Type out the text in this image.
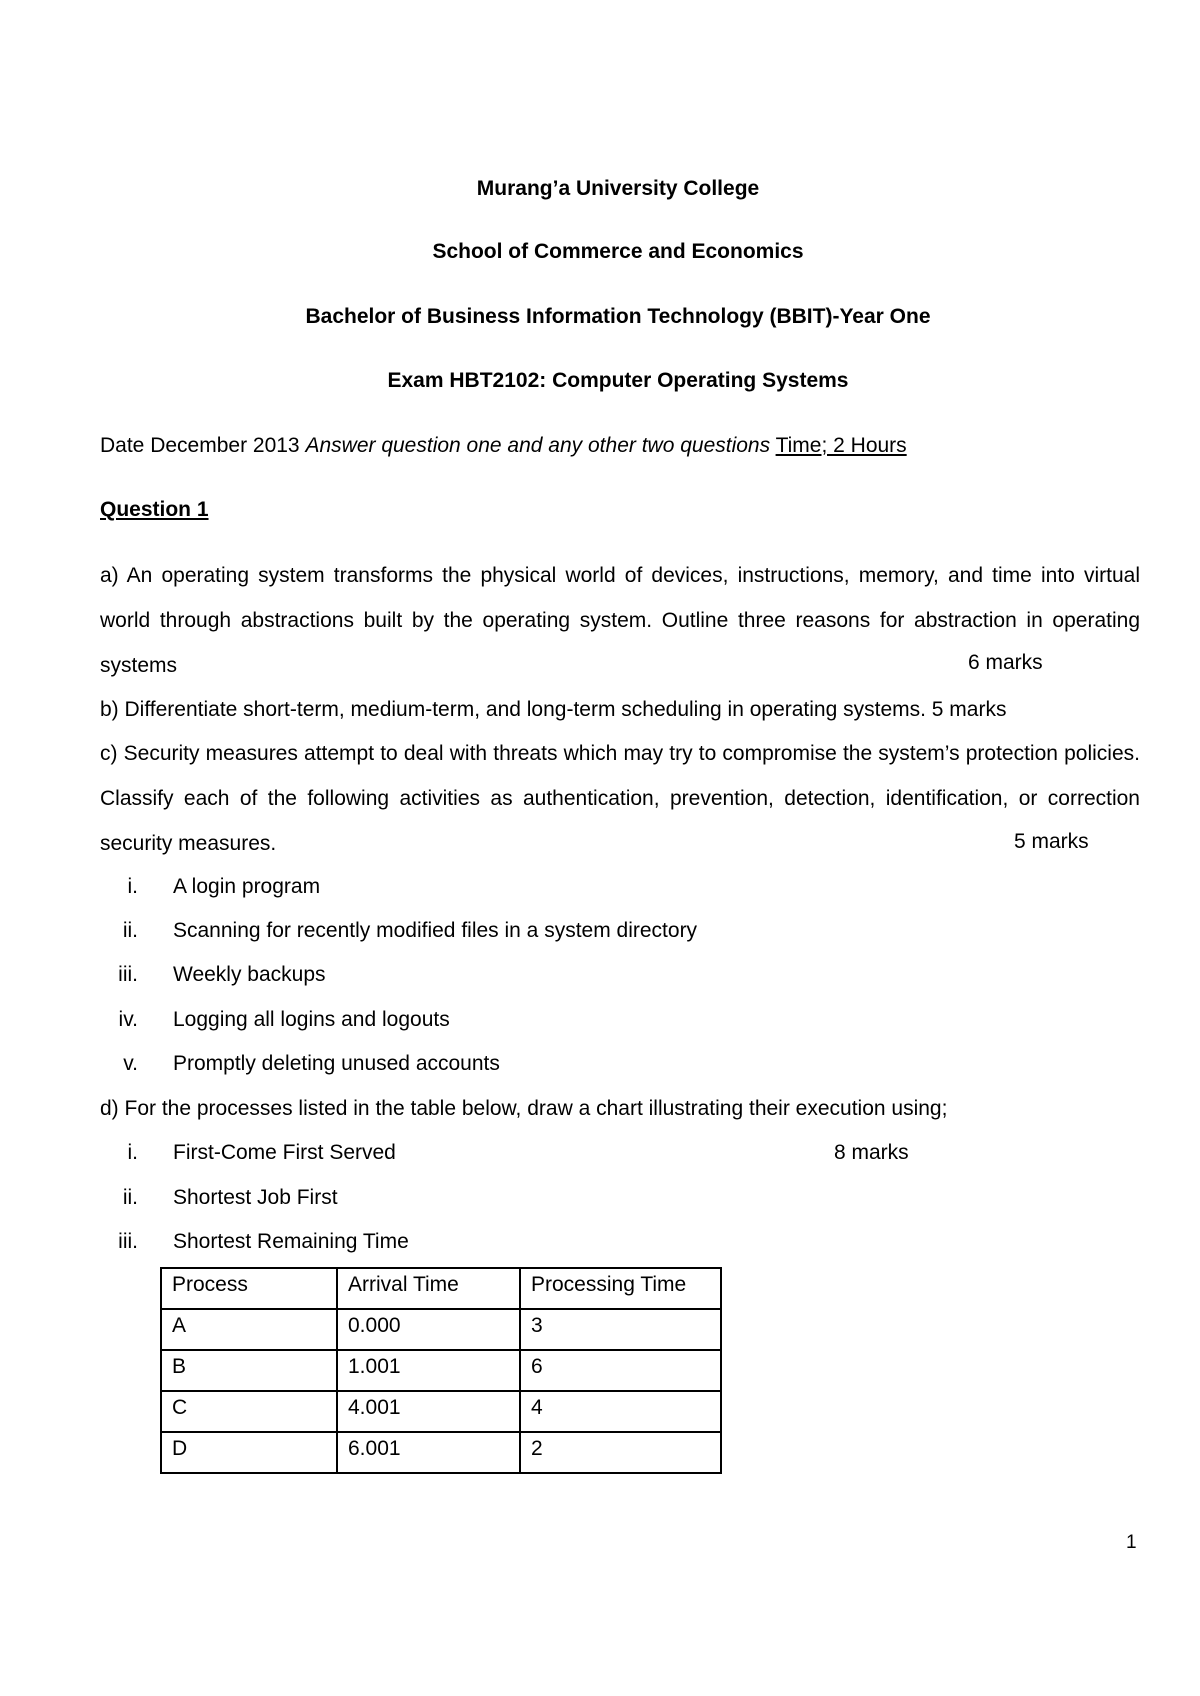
Murang’a University College
School of Commerce and Economics
Bachelor of Business Information Technology (BBIT)-Year One
Exam HBT2102: Computer Operating Systems
Date December 2013 Answer question one and any other two questions Time; 2 Hours
Question 1
a) An operating system transforms the physical world of devices, instructions, memory, and time into virtual world through abstractions built by the operating system. Outline three reasons for abstraction in operating systems	6 marks
b) Differentiate short-term, medium-term, and long-term scheduling in operating systems. 5 marks
c) Security measures attempt to deal with threats which may try to compromise the system’s protection policies. Classify each of the following activities as authentication, prevention, detection, identification, or correction security measures.	5 marks
i. A login program
ii. Scanning for recently modified files in a system directory
iii. Weekly backups
iv. Logging all logins and logouts
v. Promptly deleting unused accounts
d) For the processes listed in the table below, draw a chart illustrating their execution using;
i. First-Come First Served	8 marks
ii. Shortest Job First
iii. Shortest Remaining Time
Process	Arrival Time	Processing Time
A	0.000	3
B	1.001	6
C	4.001	4
D	6.001	2
1
